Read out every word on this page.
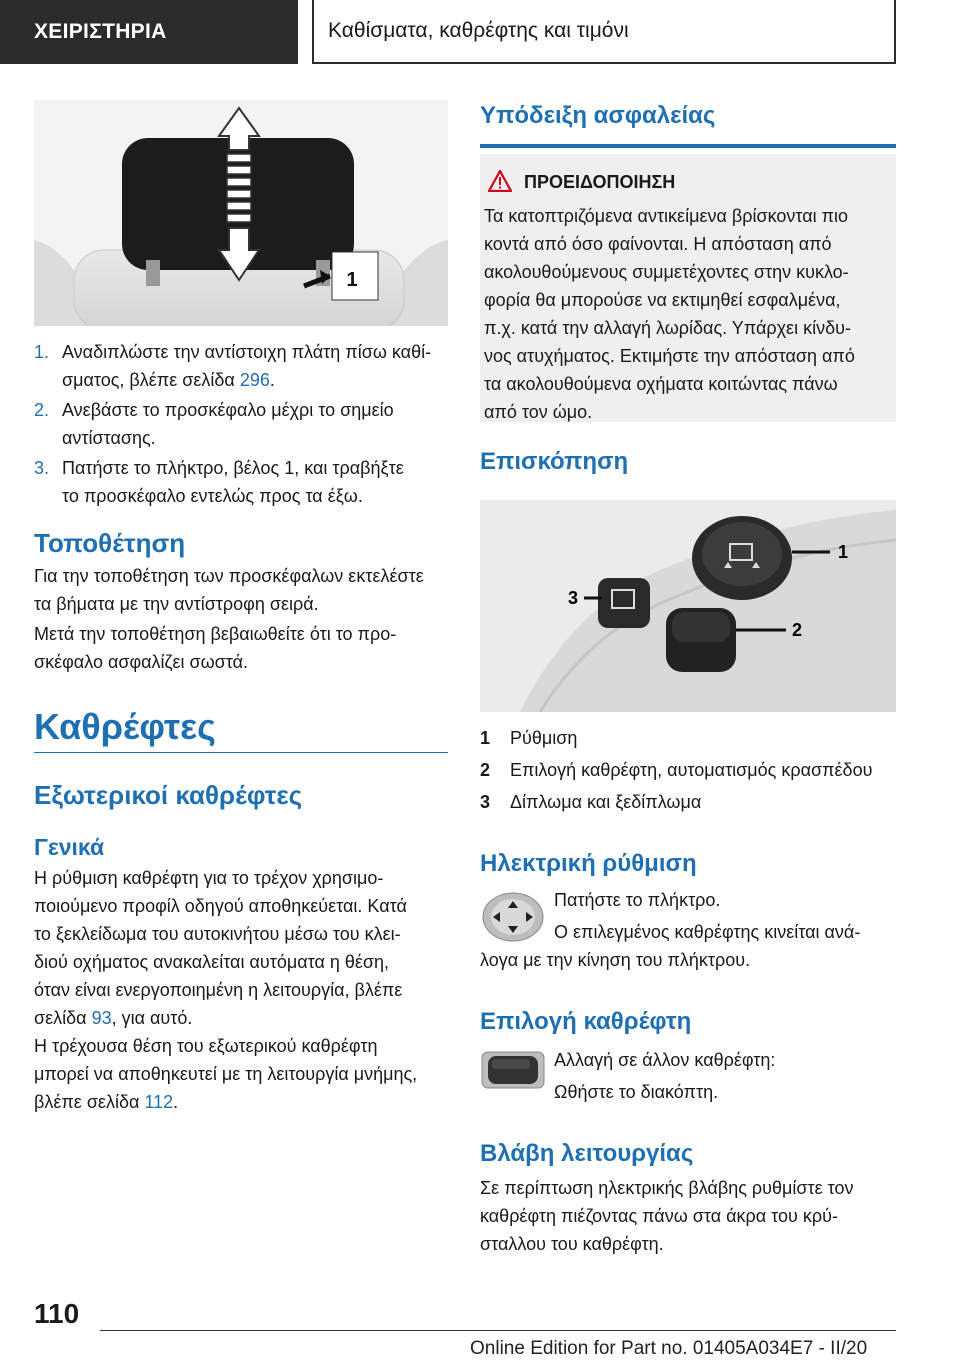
ΧΕΙΡΙΣΤΗΡΙΑ	Καθίσματα, καθρέφτης και τιμόνι
1
1. Αναδιπλώστε την αντίστοιχη πλάτη πίσω καθί-
σματος, βλέπε σελίδα 296.
2. Ανεβάστε το προσκέφαλο μέχρι το σημείο
αντίστασης.
3. Πατήστε το πλήκτρο, βέλος 1, και τραβήξτε
το προσκέφαλο εντελώς προς τα έξω.
Τοποθέτηση
Για την τοποθέτηση των προσκέφαλων εκτελέστε
τα βήματα με την αντίστροφη σειρά.
Μετά την τοποθέτηση βεβαιωθείτε ότι το προ-
σκέφαλο ασφαλίζει σωστά.
Καθρέφτες
Εξωτερικοί καθρέφτες
Γενικά
Η ρύθμιση καθρέφτη για το τρέχον χρησιμο-
ποιούμενο προφίλ οδηγού αποθηκεύεται. Κατά
το ξεκλείδωμα του αυτοκινήτου μέσω του κλει-
διού οχήματος ανακαλείται αυτόματα η θέση,
όταν είναι ενεργοποιημένη η λειτουργία, βλέπε
σελίδα 93, για αυτό.
Η τρέχουσα θέση του εξωτερικού καθρέφτη
μπορεί να αποθηκευτεί με τη λειτουργία μνήμης,
βλέπε σελίδα 112.
Υπόδειξη ασφαλείας
ΠΡΟΕΙΔΟΠΟΙΗΣΗ
Τα κατοπτριζόμενα αντικείμενα βρίσκονται πιο
κοντά από όσο φαίνονται. Η απόσταση από
ακολουθούμενους συμμετέχοντες στην κυκλο-
φορία θα μπορούσε να εκτιμηθεί εσφαλμένα,
π.χ. κατά την αλλαγή λωρίδας. Υπάρχει κίνδυ-
νος ατυχήματος. Εκτιμήστε την απόσταση από
τα ακολουθούμενα οχήματα κοιτώντας πάνω
από τον ώμο.
Επισκόπηση
1
2
3
1 Ρύθμιση
2 Επιλογή καθρέφτη, αυτοματισμός κρασπέδου
3 Δίπλωμα και ξεδίπλωμα
Ηλεκτρική ρύθμιση
Πατήστε το πλήκτρο.
Ο επιλεγμένος καθρέφτης κινείται ανά-
λογα με την κίνηση του πλήκτρου.
Επιλογή καθρέφτη
Αλλαγή σε άλλον καθρέφτη:
Ωθήστε το διακόπτη.
Βλάβη λειτουργίας
Σε περίπτωση ηλεκτρικής βλάβης ρυθμίστε τον
καθρέφτη πιέζοντας πάνω στα άκρα του κρύ-
σταλλου του καθρέφτη.
110
Online Edition for Part no. 01405A034E7 - II/20
